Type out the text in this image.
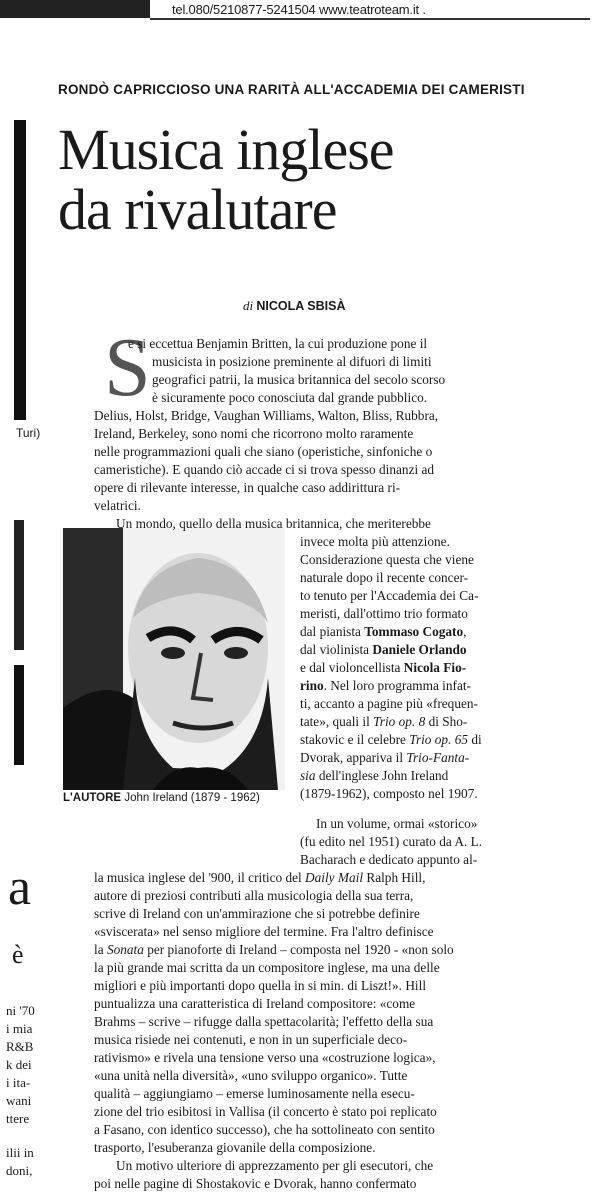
tel.080/5210877-5241504 www.teatroteam.it .
Turi)
a
è
ni '70
i mia
R&B
k dei
i ita-
wani
ttere
ilii in
doni,
RONDÒ CAPRICCIOSO UNA RARITÀ ALL'ACCADEMIA DEI CAMERISTI
Musica inglese
da rivalutare
di NICOLA SBISÀ
S
L'AUTORE John Ireland (1879 - 1962)
e si eccettua Benjamin Britten, la cui produzione pone il
musicista in posizione preminente al difuori di limiti
geografici patrii, la musica britannica del secolo scorso
è sicuramente poco conosciuta dal grande pubblico.
Delius, Holst, Bridge, Vaughan Williams, Walton, Bliss, Rubbra,
Ireland, Berkeley, sono nomi che ricorrono molto raramente
nelle programmazioni quali che siano (operistiche, sinfoniche o
cameristiche). E quando ciò accade ci si trova spesso dinanzi ad
opere di rilevante interesse, in qualche caso addirittura ri-
velatrici.
Un mondo, quello della musica britannica, che meriterebbe
invece molta più attenzione.
Considerazione questa che viene
naturale dopo il recente concer-
to tenuto per l'Accademia dei Ca-
meristi, dall'ottimo trio formato
dal pianista Tommaso Cogato,
dal violinista Daniele Orlando
e dal violoncellista Nicola Fio-
rino. Nel loro programma infat-
ti, accanto a pagine più «frequen-
tate», quali il Trio op. 8 di Sho-
stakovic e il celebre Trio op. 65 di
Dvorak, appariva il Trio-Fanta-
sia dell'inglese John Ireland
(1879-1962), composto nel 1907.
In un volume, ormai «storico»
(fu edito nel 1951) curato da A. L.
Bacharach e dedicato appunto al-
la musica inglese del '900, il critico del Daily Mail Ralph Hill,
autore di preziosi contributi alla musicologia della sua terra,
scrive di Ireland con un'ammirazione che si potrebbe definire
«sviscerata» nel senso migliore del termine. Fra l'altro definisce
la Sonata per pianoforte di Ireland – composta nel 1920 - «non solo
la più grande mai scritta da un compositore inglese, ma una delle
migliori e più importanti dopo quella in si min. di Liszt!». Hill
puntualizza una caratteristica di Ireland compositore: «come
Brahms – scrive – rifugge dalla spettacolarità; l'effetto della sua
musica risiede nei contenuti, e non in un superficiale deco-
rativismo» e rivela una tensione verso una «costruzione logica»,
«una unità nella diversità», «uno sviluppo organico». Tutte
qualità – aggiungiamo – emerse luminosamente nella esecu-
zione del trio esibitosi in Vallisa (il concerto è stato poi replicato
a Fasano, con identico successo), che ha sottolineato con sentito
trasporto, l'esuberanza giovanile della composizione.
Un motivo ulteriore di apprezzamento per gli esecutori, che
poi nelle pagine di Shostakovic e Dvorak, hanno confermato
